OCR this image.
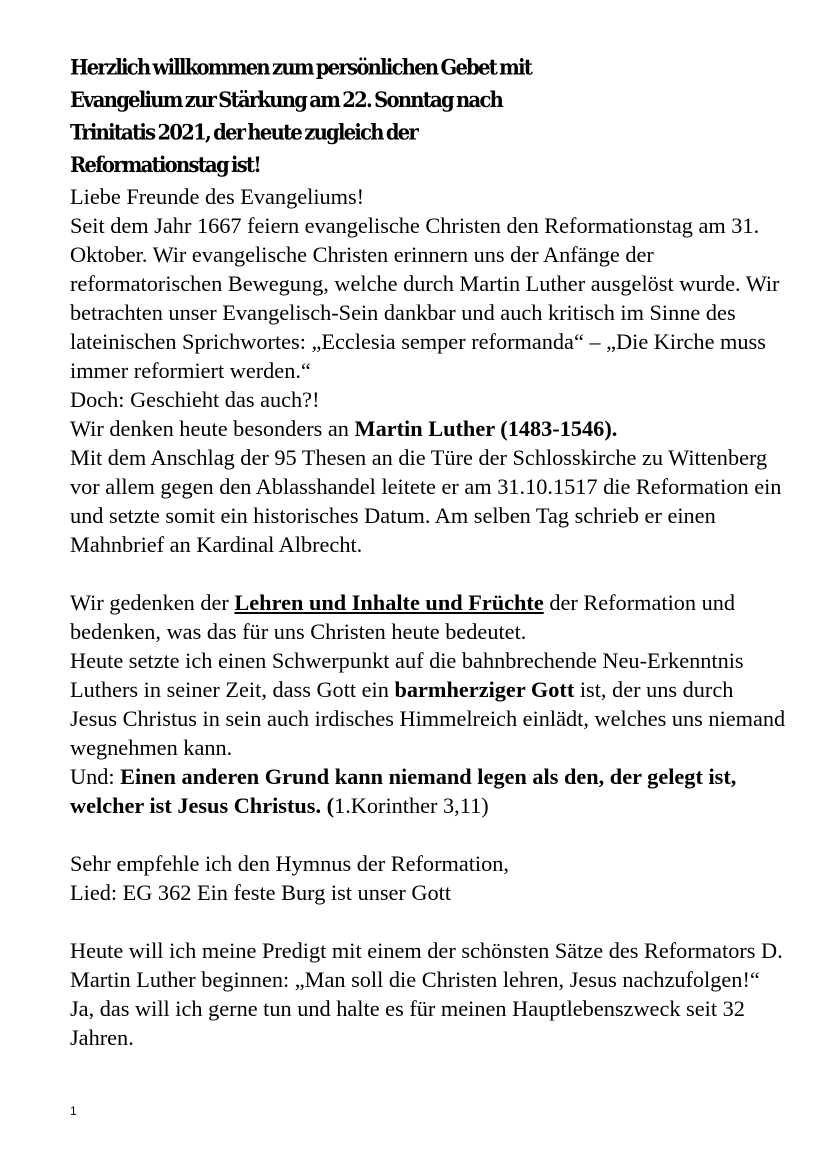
Herzlich willkommen zum persönlichen Gebet mit
Evangelium zur Stärkung am 22. Sonntag nach
Trinitatis 2021, der heute zugleich der
Reformationstag ist!

Liebe Freunde des Evangeliums!

Seit dem Jahr 1667 feiern evangelische Christen den Reformationstag am 31. Oktober. Wir evangelische Christen erinnern uns der Anfänge der reformatorischen Bewegung, welche durch Martin Luther ausgelöst wurde. Wir betrachten unser Evangelisch-Sein dankbar und auch kritisch im Sinne des lateinischen Sprichwortes: „Ecclesia semper reformanda“ – „Die Kirche muss immer reformiert werden.“

Doch: Geschieht das auch?!

Wir denken heute besonders an Martin Luther (1483-1546).

Mit dem Anschlag der 95 Thesen an die Türe der Schlosskirche zu Wittenberg vor allem gegen den Ablasshandel leitete er am 31.10.1517 die Reformation ein und setzte somit ein historisches Datum. Am selben Tag schrieb er einen Mahnbrief an Kardinal Albrecht.

Wir gedenken der Lehren und Inhalte und Früchte der Reformation und bedenken, was das für uns Christen heute bedeutet.

Heute setzte ich einen Schwerpunkt auf die bahnbrechende Neu-Erkenntnis Luthers in seiner Zeit, dass Gott ein barmherziger Gott ist, der uns durch Jesus Christus in sein auch irdisches Himmelreich einlädt, welches uns niemand wegnehmen kann.

Und: Einen anderen Grund kann niemand legen als den, der gelegt ist, welcher ist Jesus Christus. (1.Korinther 3,11)

Sehr empfehle ich den Hymnus der Reformation,

Lied: EG 362 Ein feste Burg ist unser Gott

Heute will ich meine Predigt mit einem der schönsten Sätze des Reformators D. Martin Luther beginnen: „Man soll die Christen lehren, Jesus nachzufolgen!“ Ja, das will ich gerne tun und halte es für meinen Hauptlebenszweck seit 32 Jahren.

1
